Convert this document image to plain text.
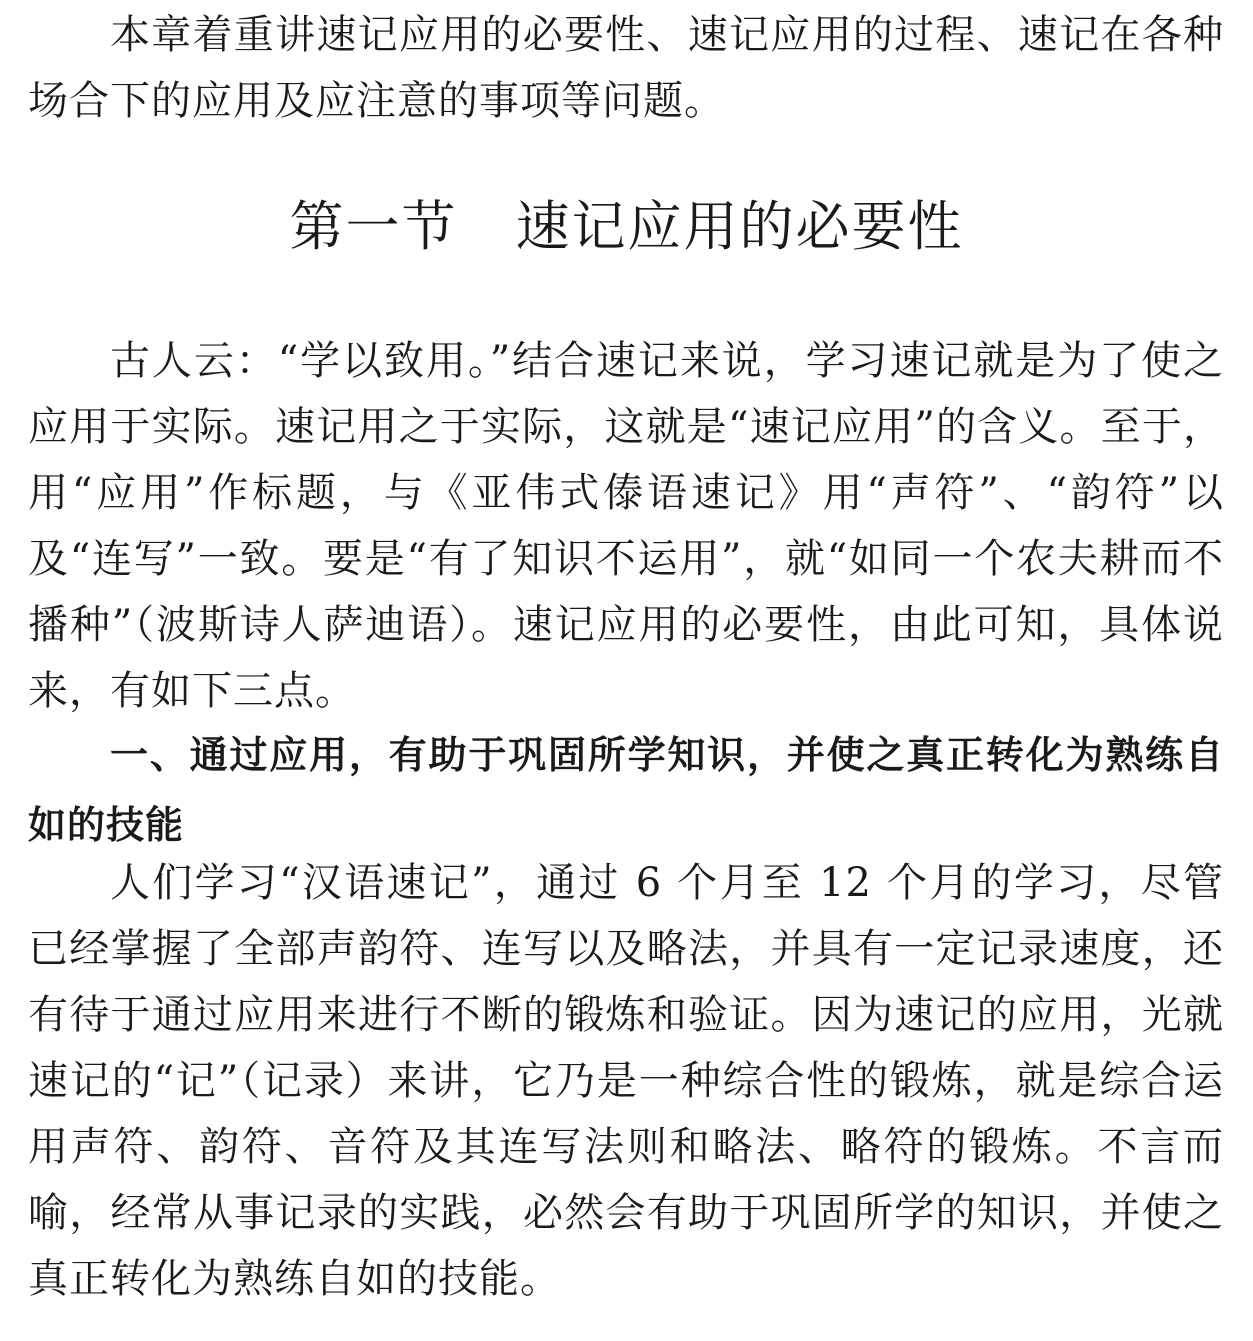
本章着重讲速记应用的必要性、速记应用的过程、速记在各种场合下的应用及应注意的事项等问题。

第一节 速记应用的必要性

古人云：“学以致用。”结合速记来说，学习速记就是为了使之应用于实际。速记用之于实际，这就是“速记应用”的含义。至于，用“应用”作标题，与《亚伟式傣语速记》用“声符”、“韵符”以及“连写”一致。要是“有了知识不运用”，就“如同一个农夫耕而不播种”（波斯诗人萨迪语）。速记应用的必要性，由此可知，具体说来，有如下三点。

一、通过应用，有助于巩固所学知识，并使之真正转化为熟练自如的技能

人们学习“汉语速记”，通过 6 个月至 12 个月的学习，尽管已经掌握了全部声韵符、连写以及略法，并具有一定记录速度，还有待于通过应用来进行不断的锻炼和验证。因为速记的应用，光就速记的“记”（记录）来讲，它乃是一种综合性的锻炼，就是综合运用声符、韵符、音符及其连写法则和略法、略符的锻炼。不言而喻，经常从事记录的实践，必然会有助于巩固所学的知识，并使之真正转化为熟练自如的技能。
